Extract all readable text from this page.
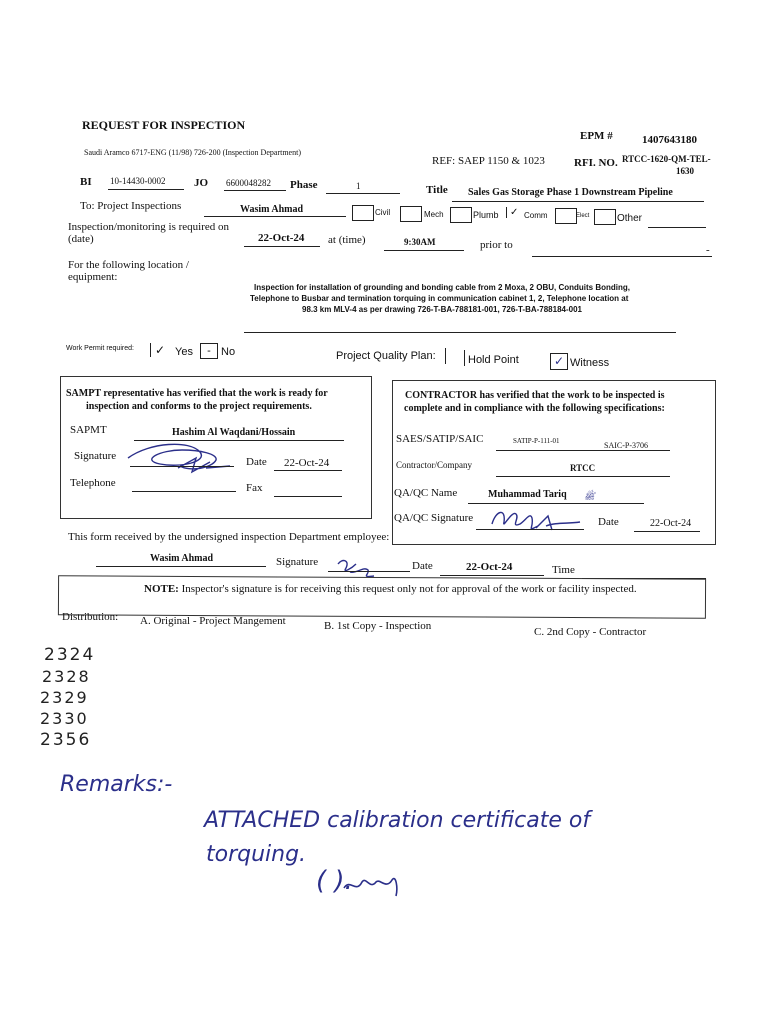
REQUEST FOR INSPECTION
EPM #	1407643180
Saudi Aramco 6717-ENG (11/98) 726-200 (Inspection Department)
REF: SAEP 1150 & 1023	RFI. NO. RTCC-1620-QM-TEL-
1630
BI 10-14430-0002	JO 6600048282 Phase	1	Title Sales Gas Storage Phase 1 Downstream Pipeline
To: Project Inspections	Wasim Ahmad	Civil	Mech	Plumb	✓ Comm	Elect	Other
Inspection/monitoring is required on
(date)	22-Oct-24 at (time)	9:30AM	prior to	-
For the following location /
equipment:
Inspection for installation of grounding and bonding cable from 2 Moxa, 2 OBU, Conduits Bonding,
Telephone to Busbar and termination torquing in communication cabinet 1, 2, Telephone location at
98.3 km MLV-4 as per drawing 726-T-BA-788181-001, 726-T-BA-788184-001
Work Permit required:	✓ Yes	- No	Project Quality Plan:	Hold Point	✓ Witness
SAMPT representative has verified that the work is ready for
inspection and conforms to the project requirements.
SAPMT	Hashim Al Waqdani/Hossain
Signature	Date 22-Oct-24
Telephone	Fax
CONTRACTOR has verified that the work to be inspected is
complete and in compliance with the following specifications:
SAES/SATIP/SAIC	SATIP-P-111-01	SAIC-P-3706
Contractor/Company	RTCC
QA/QC Name	Muhammad Tariq ﷺ
QA/QC Signature	Date	22-Oct-24
This form received by the undersigned inspection Department employee:
Wasim Ahmad	Signature	Date	22-Oct-24	Time
NOTE: Inspector's signature is for receiving this request only not for approval of the work or facility inspected.
Distribution: A. Original - Project Mangement	B. 1st Copy - Inspection	C. 2nd Copy - Contractor
2324
2328
2329
2330
2356
Remarks:-
ATTACHED calibration certificate of
torquing.
( ).
